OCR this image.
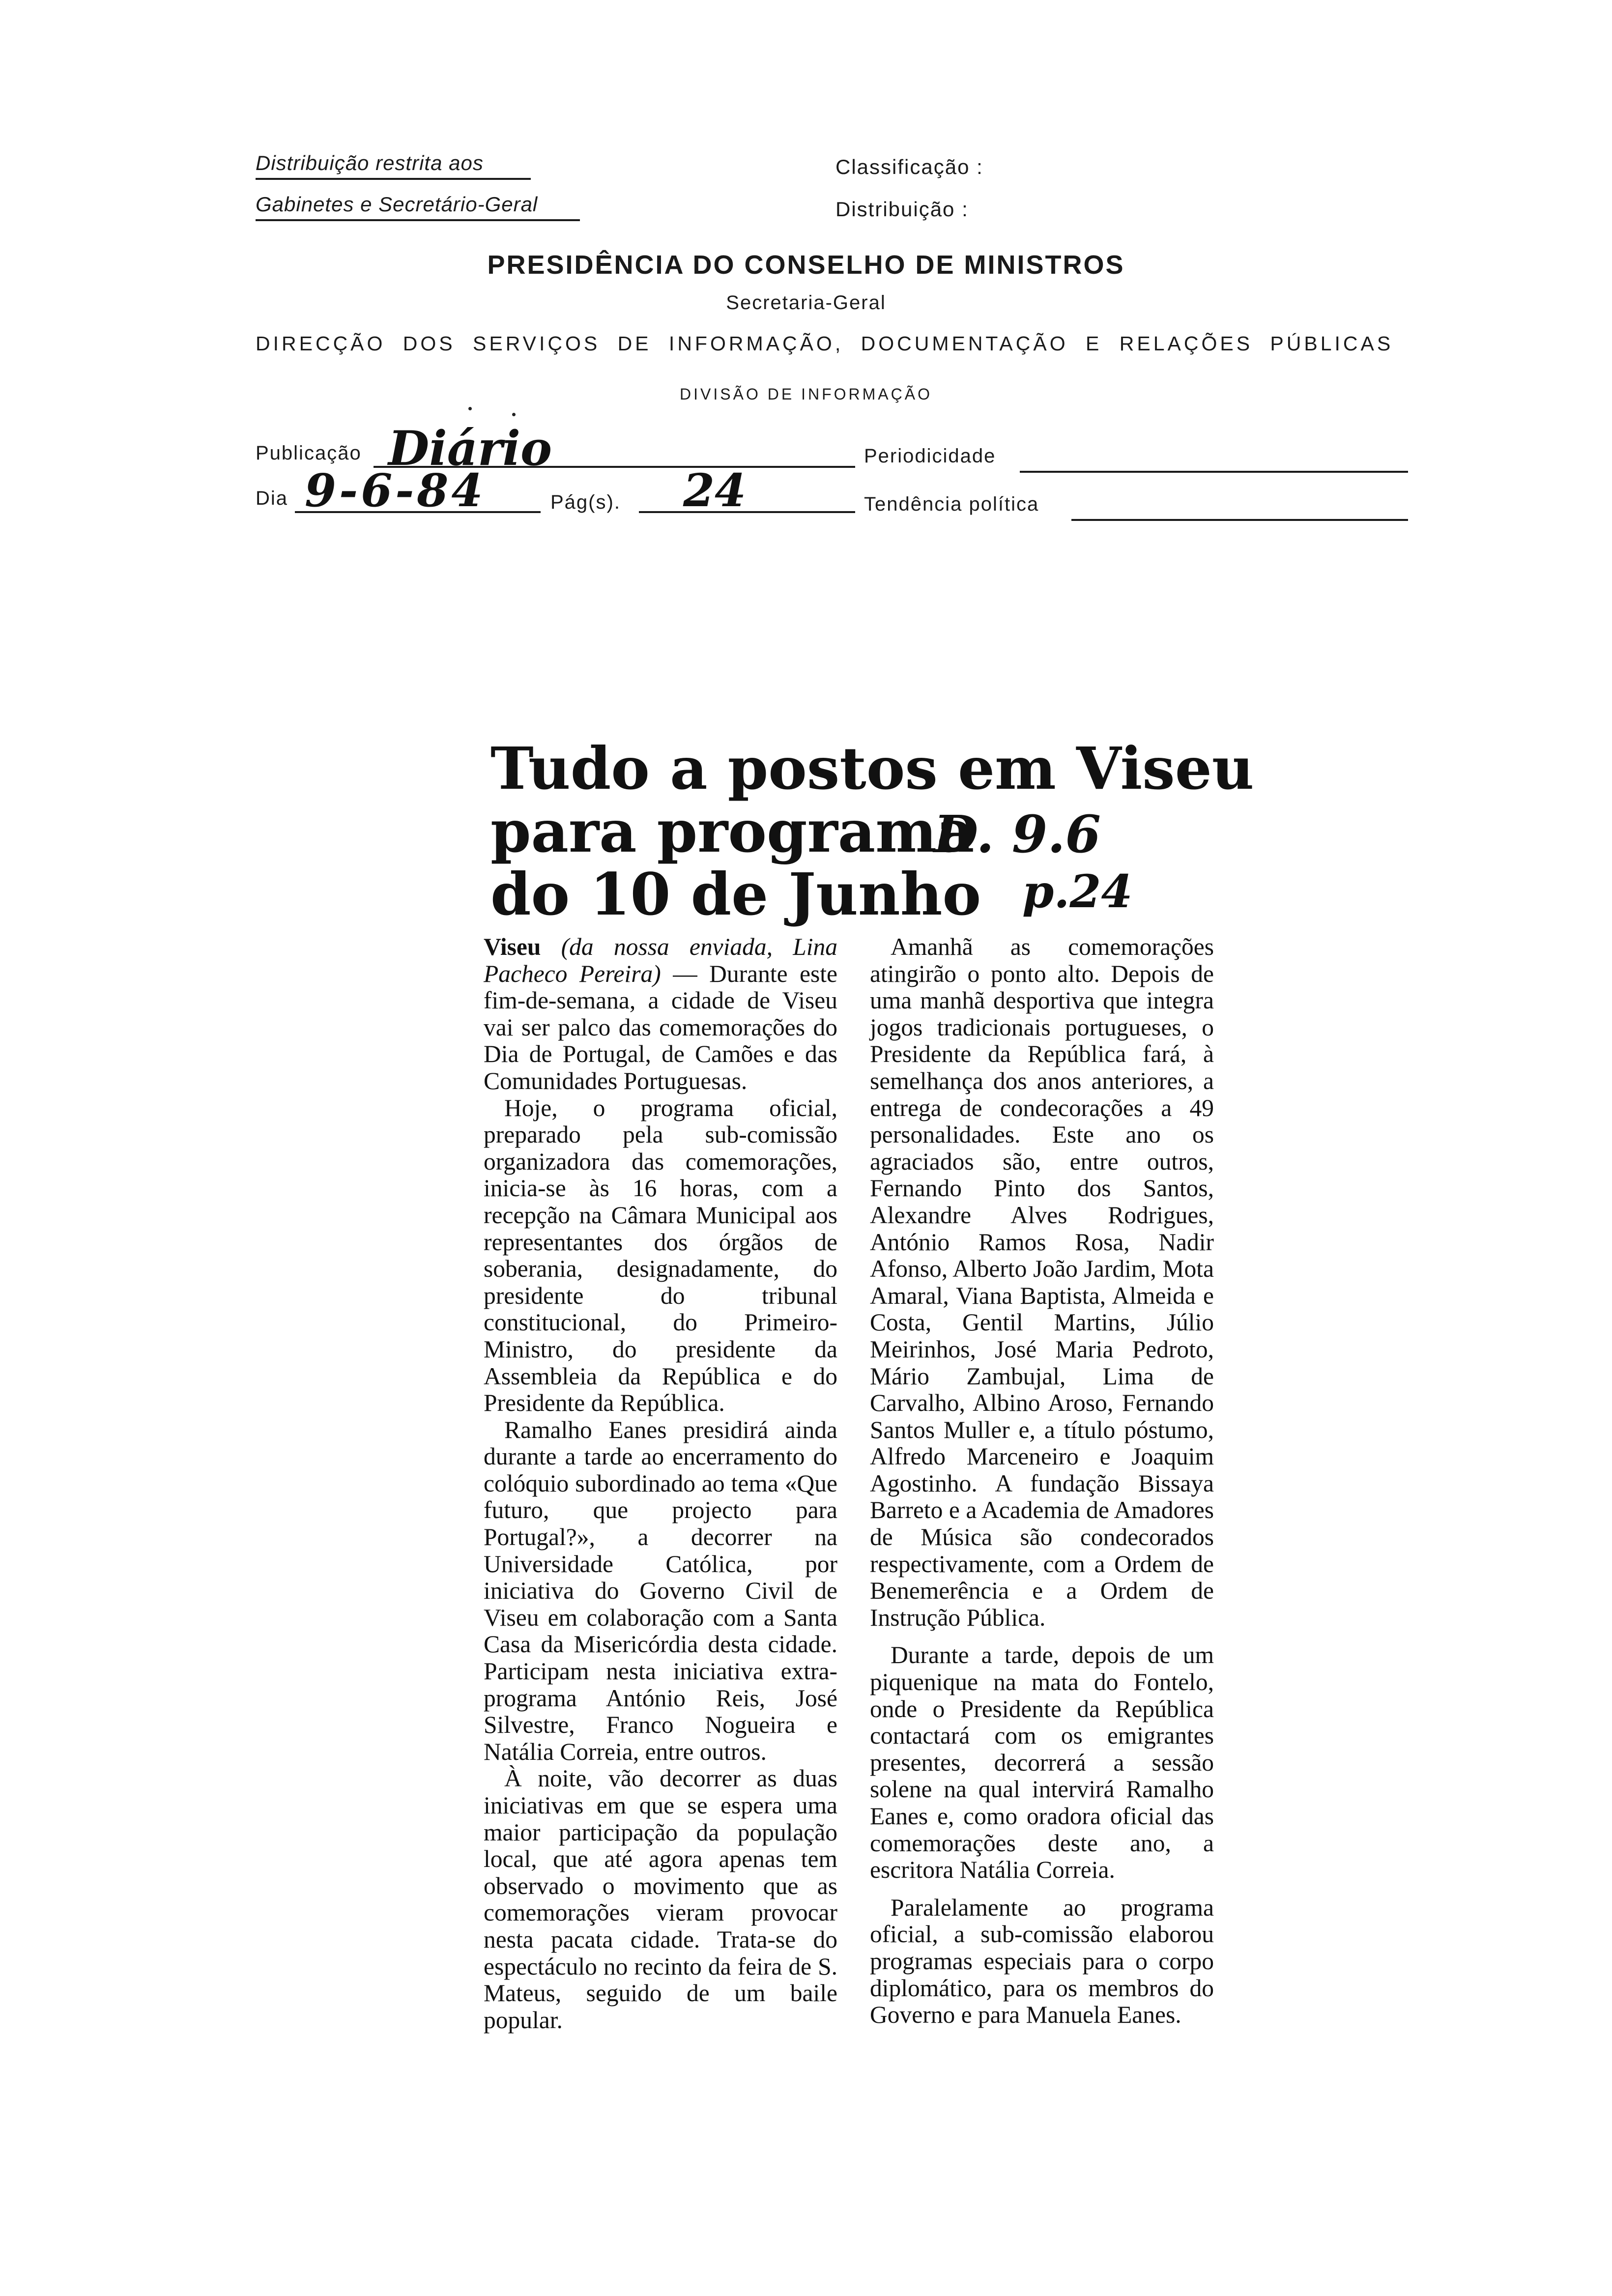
Distribuição restrita aos
Gabinetes e Secretário-Geral
Classificação :
Distribuição :
PRESIDÊNCIA DO CONSELHO DE MINISTROS
Secretaria-Geral
DIRECÇÃO DOS SERVIÇOS DE INFORMAÇÃO, DOCUMENTAÇÃO E RELAÇÕES PÚBLICAS
DIVISÃO DE INFORMAÇÃO
Publicação Diário	Periodicidade
Dia 9-6-84	Pág(s). 24	Tendência política
Tudo a postos em Viseu
para programa
do 10 de Junho
D. 9.6
p.24

Viseu (da nossa enviada, Lina Pacheco Pereira) — Durante este fim-de-semana, a cidade de Viseu vai ser palco das comemorações do Dia de Portugal, de Camões e das Comunidades Portuguesas.

Hoje, o programa oficial, preparado pela sub-comissão organizadora das comemorações, inicia-se às 16 horas, com a recepção na Câmara Municipal aos representantes dos órgãos de soberania, designadamente, do presidente do tribunal constitucional, do Primeiro-Ministro, do presidente da Assembleia da República e do Presidente da República.

Ramalho Eanes presidirá ainda durante a tarde ao encerramento do colóquio subordinado ao tema «Que futuro, que projecto para Portugal?», a decorrer na Universidade Católica, por iniciativa do Governo Civil de Viseu em colaboração com a Santa Casa da Misericórdia desta cidade. Participam nesta iniciativa extra-programa António Reis, José Silvestre, Franco Nogueira e Natália Correia, entre outros.

À noite, vão decorrer as duas iniciativas em que se espera uma maior participação da população local, que até agora apenas tem observado o movimento que as comemorações vieram provocar nesta pacata cidade. Trata-se do espectáculo no recinto da feira de S. Mateus, seguido de um baile popular.

Amanhã as comemorações atingirão o ponto alto. Depois de uma manhã desportiva que integra jogos tradicionais portugueses, o Presidente da República fará, à semelhança dos anos anteriores, a entrega de condecorações a 49 personalidades. Este ano os agraciados são, entre outros, Fernando Pinto dos Santos, Alexandre Alves Rodrigues, António Ramos Rosa, Nadir Afonso, Alberto João Jardim, Mota Amaral, Viana Baptista, Almeida e Costa, Gentil Martins, Júlio Meirinhos, José Maria Pedroto, Mário Zambujal, Lima de Carvalho, Albino Aroso, Fernando Santos Muller e, a título póstumo, Alfredo Marceneiro e Joaquim Agostinho. A fundação Bissaya Barreto e a Academia de Amadores de Música são condecorados respectivamente, com a Ordem de Benemerência e a Ordem de Instrução Pública.

Durante a tarde, depois de um piquenique na mata do Fontelo, onde o Presidente da República contactará com os emigrantes presentes, decorrerá a sessão solene na qual intervirá Ramalho Eanes e, como oradora oficial das comemorações deste ano, a escritora Natália Correia.

Paralelamente ao programa oficial, a sub-comissão elaborou programas especiais para o corpo diplomático, para os membros do Governo e para Manuela Eanes.
